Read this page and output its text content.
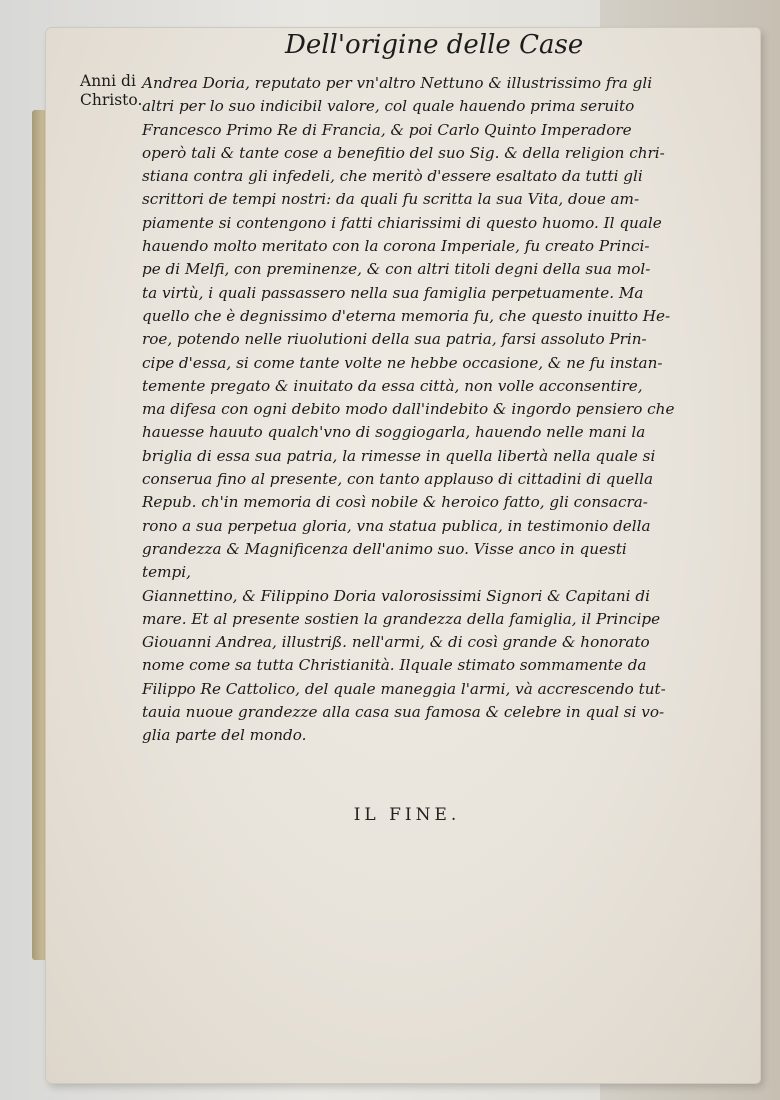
IL FINE.
Dell'origine delle Case
Anni di
Christo.
Andrea Doria, reputato per vn'altro Nettuno & illustrissimo fra gli
altri per lo suo indicibil valore, col quale hauendo prima seruito
Francesco Primo Re di Francia, & poi Carlo Quinto Imperadore
operò tali & tante cose a benefitio del suo Sig. & della religion chri-
stiana contra gli infedeli, che meritò d'essere esaltato da tutti gli
scrittori de tempi nostri: da quali fu scritta la sua Vita, doue am-
piamente si contengono i fatti chiarissimi di questo huomo. Il quale
hauendo molto meritato con la corona Imperiale, fu creato Princi-
pe di Melfi, con preminenze, & con altri titoli degni della sua mol-
ta virtù, i quali passassero nella sua famiglia perpetuamente. Ma
quello che è degnissimo d'eterna memoria fu, che questo inuitto He-
roe, potendo nelle riuolutioni della sua patria, farsi assoluto Prin-
cipe d'essa, si come tante volte ne hebbe occasione, & ne fu instan-
temente pregato & inuitato da essa città, non volle acconsentire,
ma difesa con ogni debito modo dall'indebito & ingordo pensiero che
hauesse hauuto qualch'vno di soggiogarla, hauendo nelle mani la
briglia di essa sua patria, la rimesse in quella libertà nella quale si
conserua fino al presente, con tanto applauso di cittadini di quella
Repub. ch'in memoria di così nobile & heroico fatto, gli consacra-
rono a sua perpetua gloria, vna statua publica, in testimonio della
grandezza & Magnificenza dell'animo suo. Visse anco in questi
tempi,
Giannettino, & Filippino Doria valorosissimi Signori & Capitani di
mare. Et al presente sostien la grandezza della famiglia, il Principe
Giouanni Andrea, illustriß. nell'armi, & di così grande & honorato
nome come sa tutta Christianità. Ilquale stimato sommamente da
Filippo Re Cattolico, del quale maneggia l'armi, và accrescendo tut-
tauia nuoue grandezze alla casa sua famosa & celebre in qual si vo-
glia parte del mondo.
